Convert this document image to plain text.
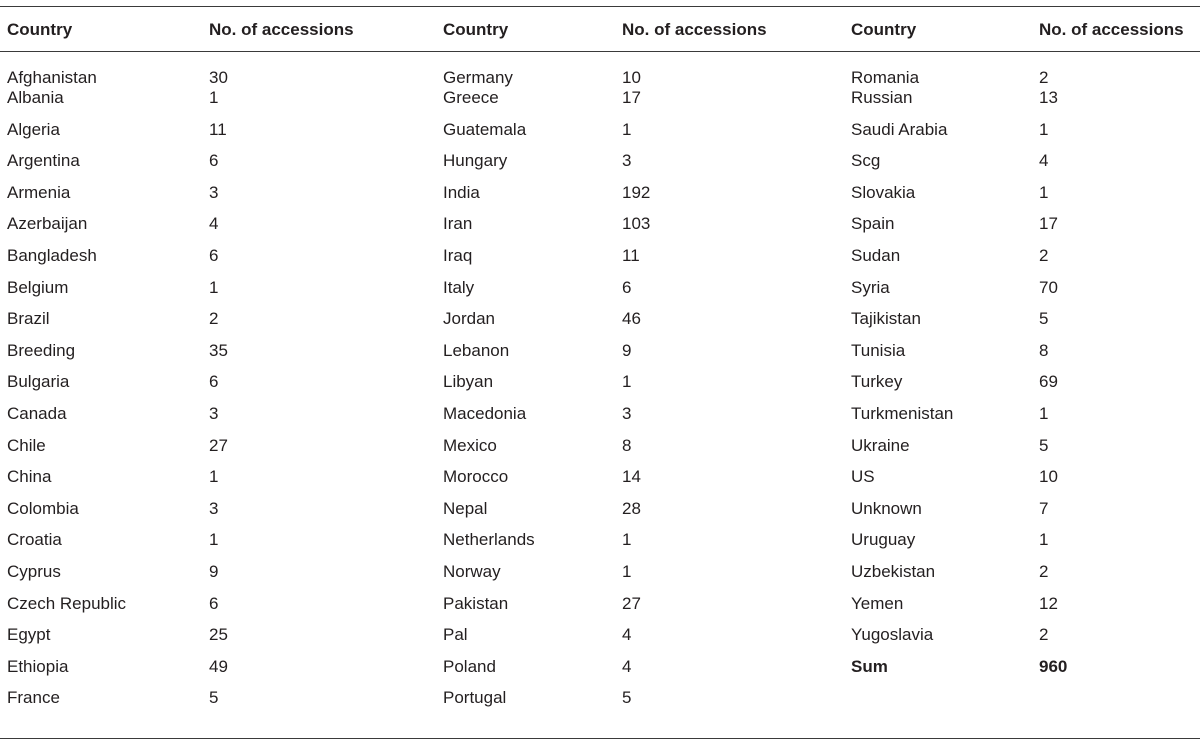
Country	No. of accessions	Country	No. of accessions	Country	No. of accessions
Afghanistan	30	Germany	10	Romania	2
Albania	1	Greece	17	Russian	13
Algeria	11	Guatemala	1	Saudi Arabia	1
Argentina	6	Hungary	3	Scg	4
Armenia	3	India	192	Slovakia	1
Azerbaijan	4	Iran	103	Spain	17
Bangladesh	6	Iraq	11	Sudan	2
Belgium	1	Italy	6	Syria	70
Brazil	2	Jordan	46	Tajikistan	5
Breeding	35	Lebanon	9	Tunisia	8
Bulgaria	6	Libyan	1	Turkey	69
Canada	3	Macedonia	3	Turkmenistan	1
Chile	27	Mexico	8	Ukraine	5
China	1	Morocco	14	US	10
Colombia	3	Nepal	28	Unknown	7
Croatia	1	Netherlands	1	Uruguay	1
Cyprus	9	Norway	1	Uzbekistan	2
Czech Republic	6	Pakistan	27	Yemen	12
Egypt	25	Pal	4	Yugoslavia	2
Ethiopia	49	Poland	4	Sum	960
France	5	Portugal	5		
